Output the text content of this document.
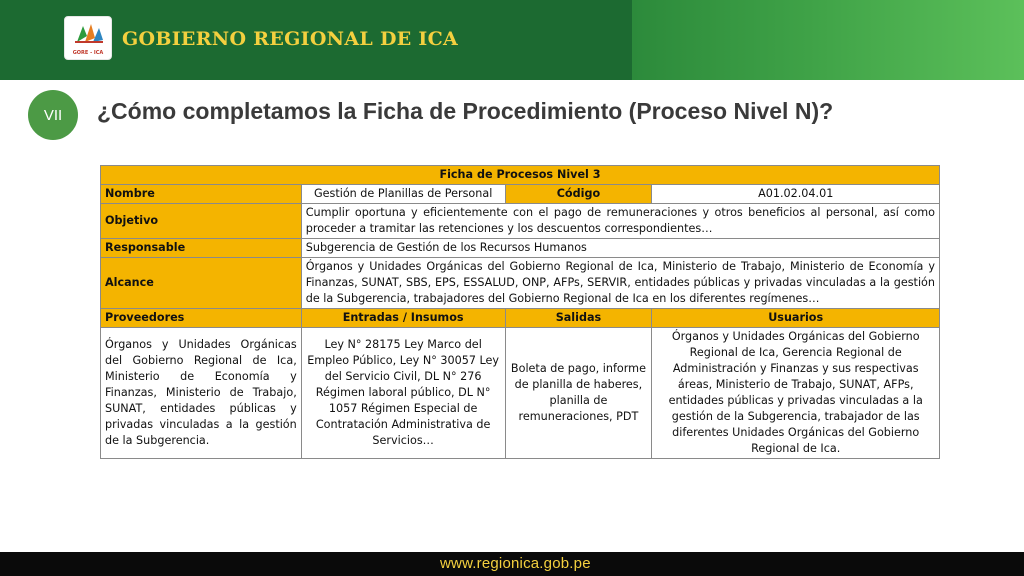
GORE - ICA
GOBIERNO REGIONAL DE ICA
VII	¿Cómo completamos la Ficha de Procedimiento (Proceso Nivel N)?
Ficha de Procesos Nivel 3			
Nombre	Gestión de Planillas de Personal	Código	A01.02.04.01
Objetivo	Cumplir oportuna y eficientemente con el pago de remuneraciones y otros beneficios al personal, así como proceder a tramitar las retenciones y los descuentos correspondientes…		
Responsable	Subgerencia de Gestión de los Recursos Humanos		
Alcance	Órganos y Unidades Orgánicas del Gobierno Regional de Ica, Ministerio de Trabajo, Ministerio de Economía y Finanzas, SUNAT, SBS, EPS, ESSALUD, ONP, AFPs, SERVIR, entidades públicas y privadas vinculadas a la gestión de la Subgerencia, trabajadores del Gobierno Regional de Ica en los diferentes regímenes…		
Proveedores	Entradas / Insumos	Salidas	Usuarios
Órganos y Unidades Orgánicas del Gobierno Regional de Ica, Ministerio de Economía y Finanzas, Ministerio de Trabajo, SUNAT, entidades públicas y privadas vinculadas a la gestión de la Subgerencia.	Ley N° 28175 Ley Marco del Empleo Público, Ley N° 30057 Ley del Servicio Civil, DL N° 276 Régimen laboral público, DL N° 1057 Régimen Especial de Contratación Administrativa de Servicios…	Boleta de pago, informe de planilla de haberes, planilla de remuneraciones, PDT	Órganos y Unidades Orgánicas del Gobierno Regional de Ica, Gerencia Regional de Administración y Finanzas y sus respectivas áreas, Ministerio de Trabajo, SUNAT, AFPs, entidades públicas y privadas vinculadas a la gestión de la Subgerencia, trabajador de las diferentes Unidades Orgánicas del Gobierno Regional de Ica.
www.regionica.gob.pe
